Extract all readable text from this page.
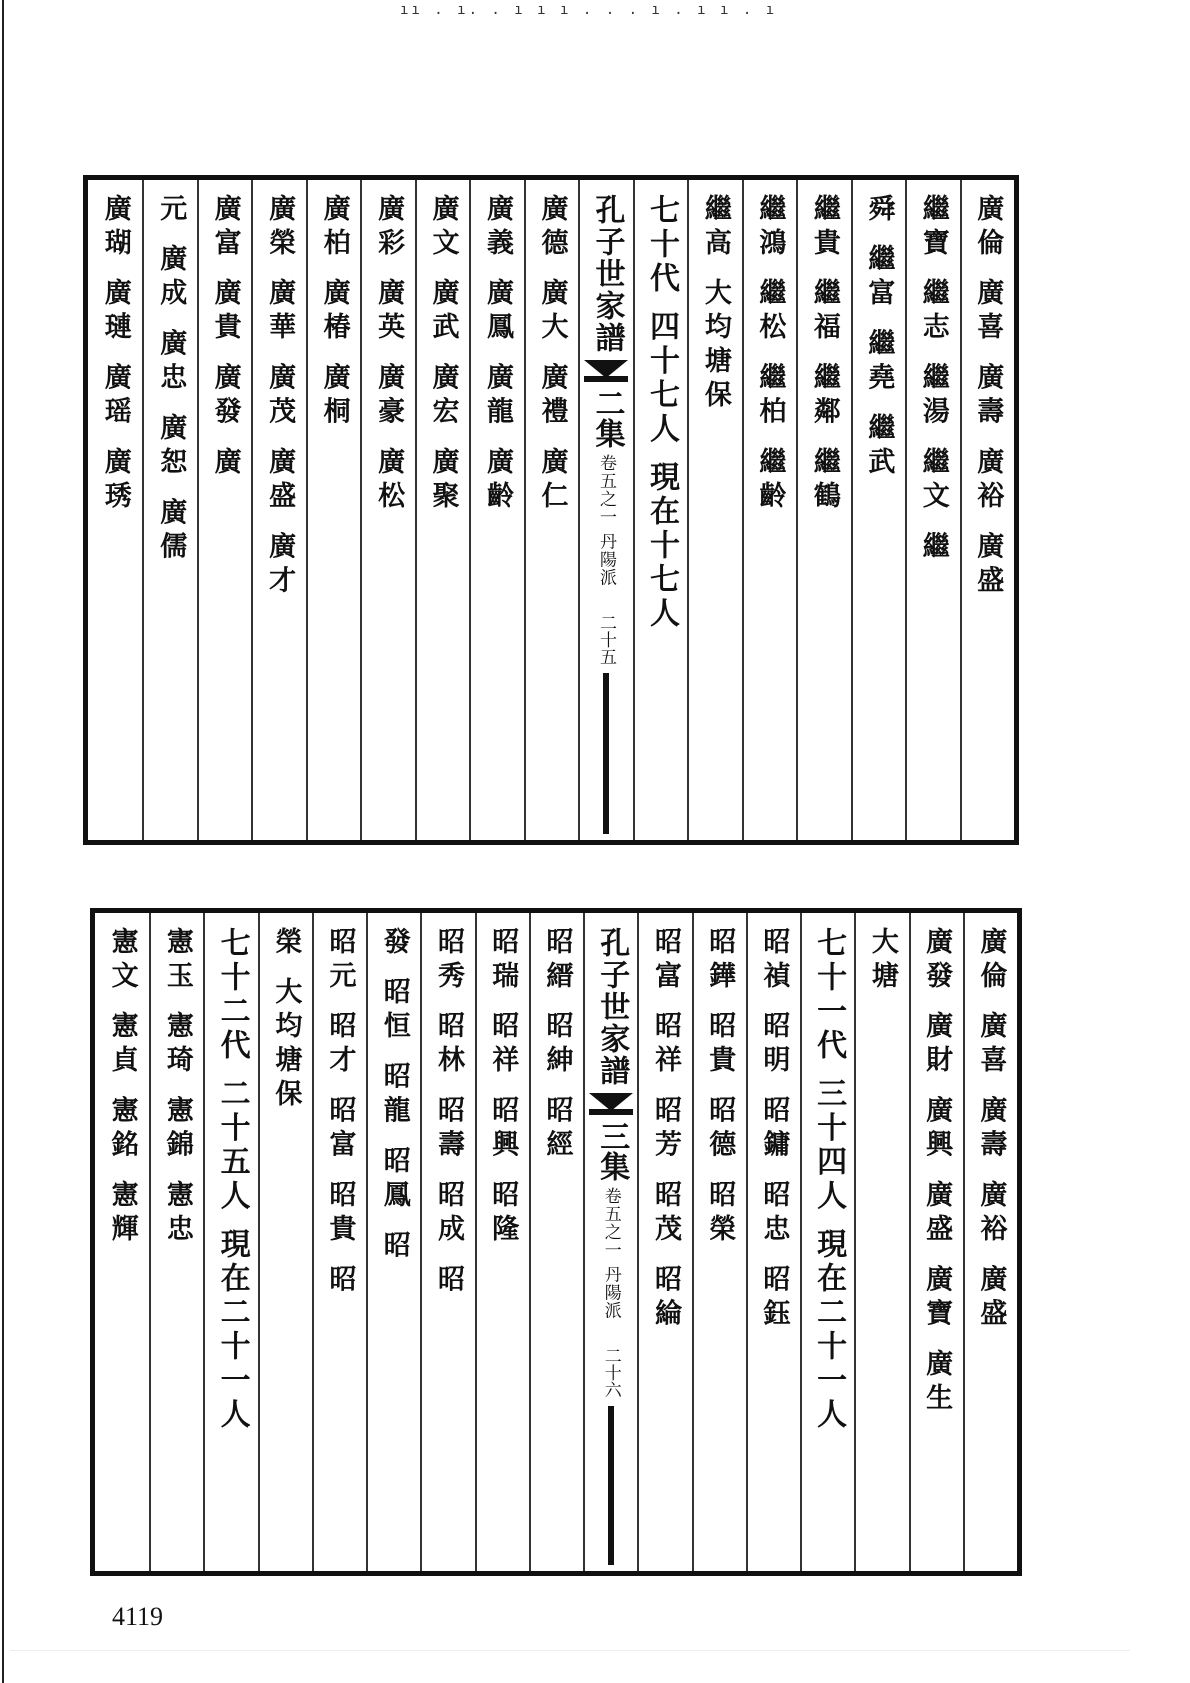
ıı . ı. . ı ı ı . . . ı . ı ı . ı
廣倫 廣喜 廣壽 廣裕 廣盛
繼寶 繼志 繼湯 繼文 繼
舜 繼富 繼堯 繼武
繼貴 繼福 繼鄰 繼鶴
繼鴻 繼松 繼柏 繼齡
繼高 大均塘保
七十代 四十七人 現在十七人
孔子世家譜
二集
卷五之一 丹陽派
二十五
廣德 廣大 廣禮 廣仁
廣義 廣鳳 廣龍 廣齡
廣文 廣武 廣宏 廣聚
廣彩 廣英 廣豪 廣松
廣柏 廣椿 廣桐
廣榮 廣華 廣茂 廣盛 廣才
廣富 廣貴 廣發 廣
元 廣成 廣忠 廣恕 廣儒
廣瑚 廣璉 廣瑶 廣琇
廣倫 廣喜 廣壽 廣裕 廣盛
廣發 廣財 廣興 廣盛 廣寶 廣生
大塘
七十一代 三十四人 現在二十一人
昭禎 昭明 昭鏞 昭忠 昭鈺
昭鏵 昭貴 昭德 昭榮
昭富 昭祥 昭芳 昭茂 昭綸
孔子世家譜
三集
卷五之一 丹陽派
二十六
昭縉 昭紳 昭經
昭瑞 昭祥 昭興 昭隆
昭秀 昭林 昭壽 昭成 昭
發 昭恒 昭龍 昭鳳 昭
昭元 昭才 昭富 昭貴 昭
榮 大均塘保
七十二代 二十五人 現在二十一人
憲玉 憲琦 憲錦 憲忠
憲文 憲貞 憲銘 憲輝
4119
